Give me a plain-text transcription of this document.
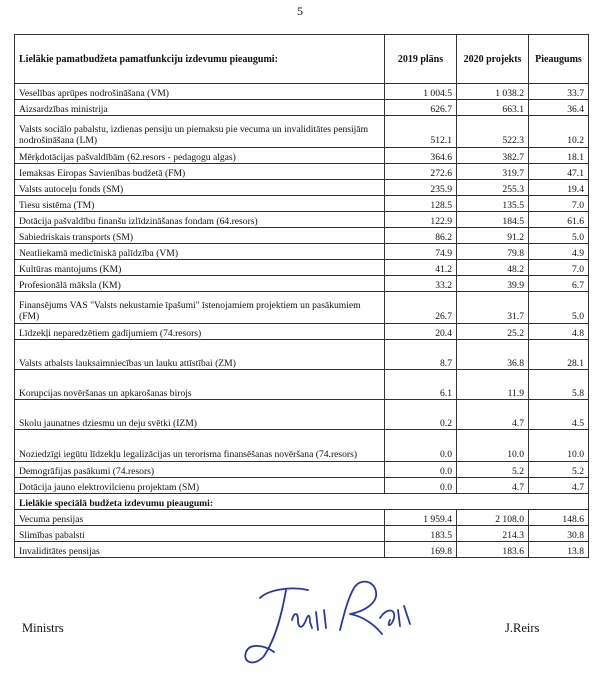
5
Lielākie pamatbudžeta pamatfunkciju izdevumu pieaugumi:	2019 plāns	2020 projekts	Pieaugums
Veselības aprūpes nodrošināšana (VM)	1 004.5	1 038.2	33.7
Aizsardzības ministrija	626.7	663.1	36.4
Valsts sociālo pabalstu, izdienas pensiju un piemaksu pie vecuma un invaliditātes pensijām nodrošināšana (LM)	512.1	522.3	10.2
Mērķdotācijas pašvaldībām (62.resors - pedagogu algas)	364.6	382.7	18.1
Iemaksas Eiropas Savienības budžetā (FM)	272.6	319.7	47.1
Valsts autoceļu fonds (SM)	235.9	255.3	19.4
Tiesu sistēma (TM)	128.5	135.5	7.0
Dotācija pašvaldību finanšu izlīdzināšanas fondam (64.resors)	122.9	184.5	61.6
Sabiedriskais transports (SM)	86.2	91.2	5.0
Neatliekamā medicīniskā palīdzība (VM)	74.9	79.8	4.9
Kultūras mantojums (KM)	41.2	48.2	7.0
Profesionālā māksla (KM)	33.2	39.9	6.7
Finansējums VAS "Valsts nekustamie īpašumi" īstenojamiem projektiem un pasākumiem (FM)	26.7	31.7	5.0
Līdzekļi neparedzētiem gadījumiem (74.resors)	20.4	25.2	4.8
Valsts atbalsts lauksaimniecības un lauku attīstībai (ZM)	8.7	36.8	28.1
Korupcijas novēršanas un apkarošanas birojs	6.1	11.9	5.8
Skolu jaunatnes dziesmu un deju svētki (IZM)	0.2	4.7	4.5
Noziedzīgi iegūtu līdzekļu legalizācijas un terorisma finansēšanas novēršana (74.resors)	0.0	10.0	10.0
Demogrāfijas pasākumi (74.resors)	0.0	5.2	5.2
Dotācija jauno elektrovilcienu projektam (SM)	0.0	4.7	4.7
Lielākie speciālā budžeta izdevumu pieaugumi:			
Vecuma pensijas	1 959.4	2 108.0	148.6
Slimības pabalsti	183.5	214.3	30.8
Invaliditātes pensijas	169.8	183.6	13.8
Ministrs	J.Reirs
